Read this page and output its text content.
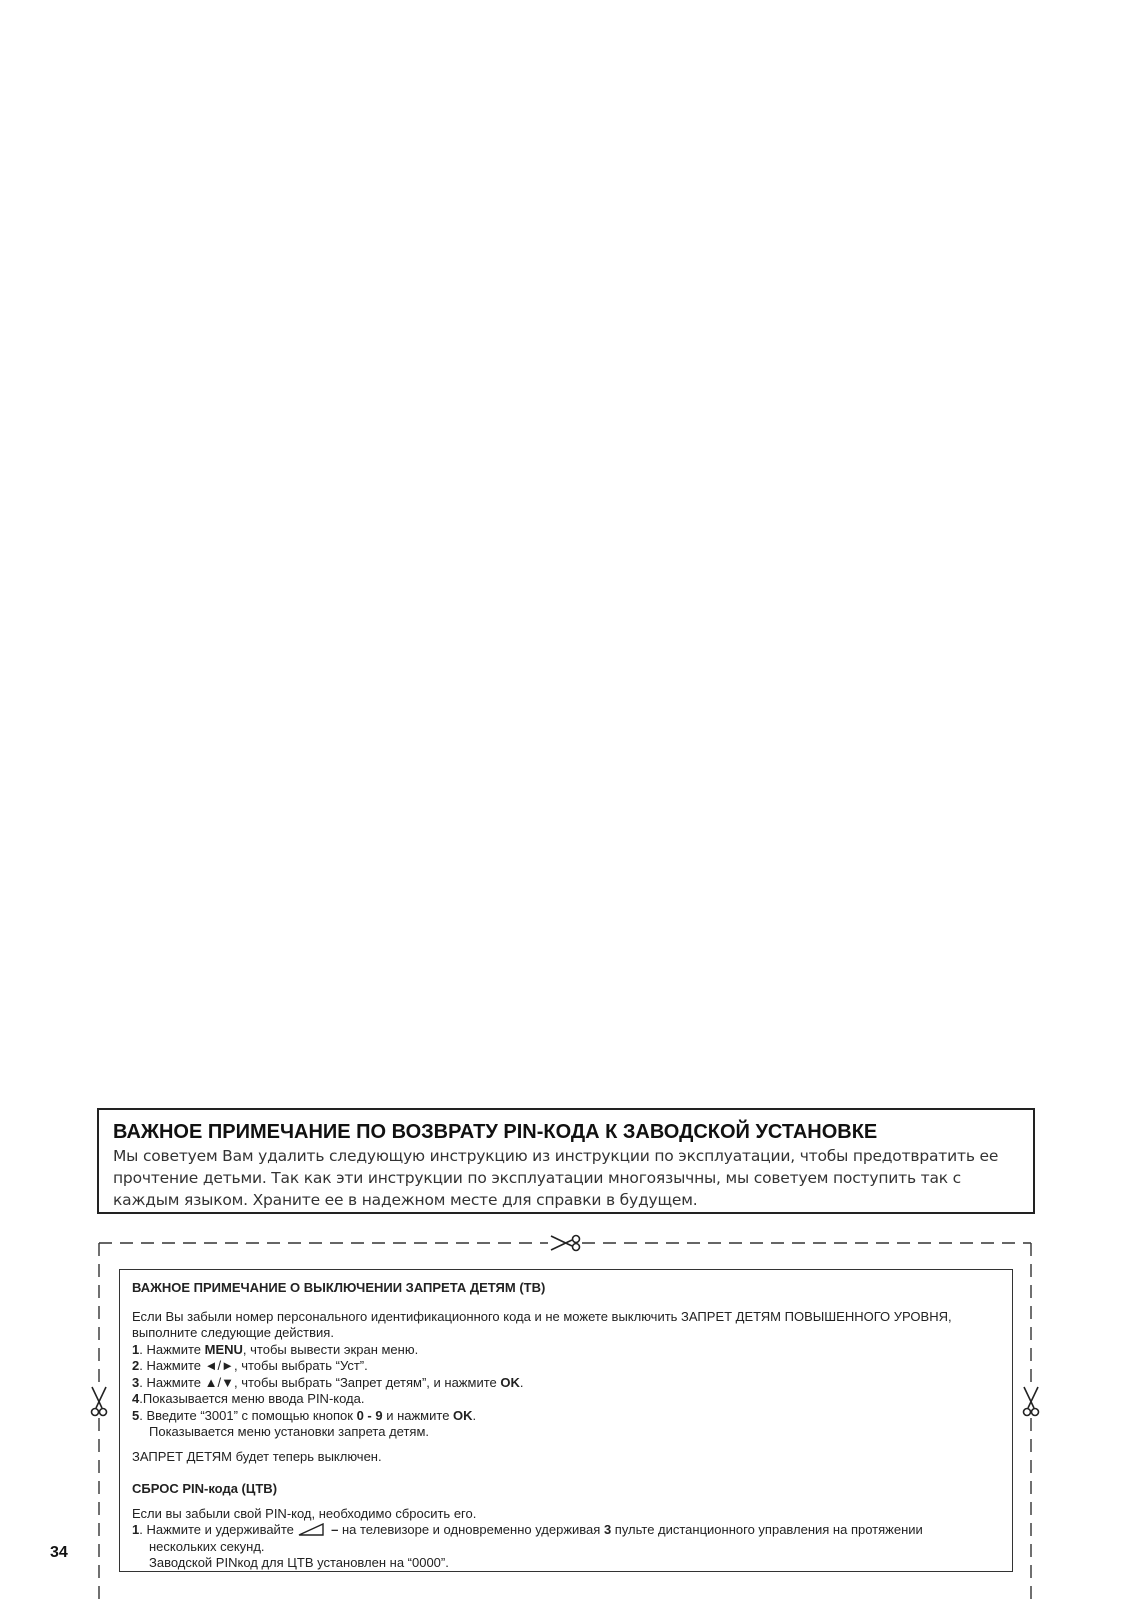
ВАЖНОЕ ПРИМЕЧАНИЕ ПО ВОЗВРАТУ PIN-КОДА К ЗАВОДСКОЙ УСТАНОВКЕ
Мы советуем Вам удалить следующую инструкцию из инструкции по эксплуатации, чтобы предотвратить ее прочтение детьми. Так как эти инструкции по эксплуатации многоязычны, мы советуем поступить так с каждым языком. Храните ее в надежном месте для справки в будущем.
ВАЖНОЕ ПРИМЕЧАНИЕ О ВЫКЛЮЧЕНИИ ЗАПРЕТА ДЕТЯМ (ТВ)

Если Вы забыли номер персонального идентификационного кода и не можете выключить ЗАПРЕТ ДЕТЯМ ПОВЫШЕННОГО УРОВНЯ, выполните следующие действия.

1. Нажмите MENU, чтобы вывести экран меню.

2. Нажмите ◄/►, чтобы выбрать “Уст”.

3. Нажмите ▲/▼, чтобы выбрать “Запрет детям”, и нажмите OK.

4.Показывается меню ввода PIN-кода.

5. Введите “3001” с помощью кнопок 0 - 9 и нажмите OK.

Показывается меню установки запрета детям.

ЗАПРЕТ ДЕТЯМ будет теперь выключен.

СБРОС PIN-кода (ЦТВ)

Если вы забыли свой PIN-код, необходимо сбросить его.

1. Нажмите и удерживайте	– на телевизоре и одновременно удерживая 3 пульте дистанционного управления на протяжении

нескольких секунд.

Заводской PINкод для ЦТВ установлен на “0000”.

34
